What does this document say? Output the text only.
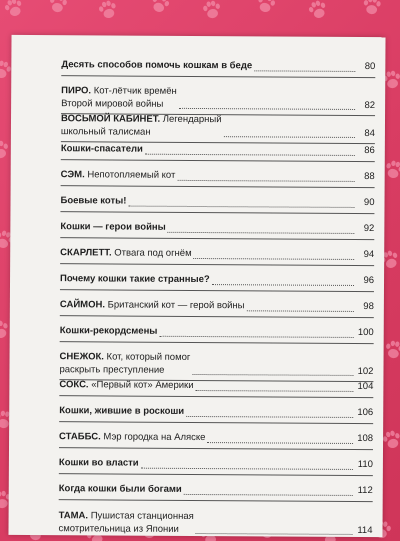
Десять способов помочь кошкам в беде	80
ПИРО. Кот-лётчик времён
Второй мировой войны	82
ВОСЬМОЙ КАБИНЕТ. Легендарный
школьный талисман	84
Кошки-спасатели	86
СЭМ. Непотопляемый кот	88
Боевые коты!	90
Кошки — герои войны	92
СКАРЛЕТТ. Отвага под огнём	94
Почему кошки такие странные?	96
САЙМОН. Британский кот — герой войны	98
Кошки-рекордсмены	100
СНЕЖОК. Кот, который помог
раскрыть преступление	102
СОКС. «Первый кот» Америки	104
Кошки, жившие в роскоши	106
СТАББС. Мэр городка на Аляске	108
Кошки во власти	110
Когда кошки были богами	112
ТАМА. Пушистая станционная
смотрительница из Японии	114
